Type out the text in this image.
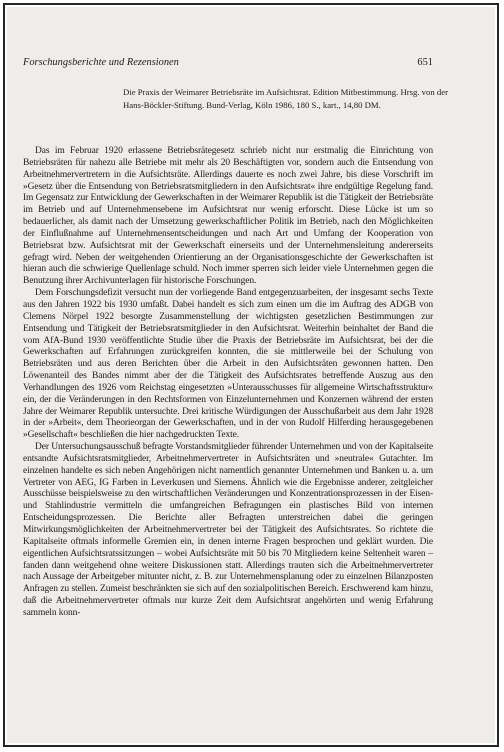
Forschungsberichte und Rezensionen	651
Die Praxis der Weimarer Betriebsräte im Aufsichtsrat. Edition Mitbestimmung. Hrsg. von der Hans-Böckler-Stiftung. Bund-Verlag, Köln 1986, 180 S., kart., 14,80 DM.

Das im Februar 1920 erlassene Betriebsrätegesetz schrieb nicht nur erstmalig die Einrichtung von Betriebsräten für nahezu alle Betriebe mit mehr als 20 Beschäftigten vor, sondern auch die Entsendung von Arbeitnehmervertretern in die Aufsichtsräte. Allerdings dauerte es noch zwei Jahre, bis diese Vorschrift im »Gesetz über die Entsendung von Betriebsratsmitgliedern in den Aufsichtsrat« ihre endgültige Regelung fand. Im Gegensatz zur Entwicklung der Gewerkschaften in der Weimarer Republik ist die Tätigkeit der Betriebsräte im Betrieb und auf Unternehmensebene im Aufsichtsrat nur wenig erforscht. Diese Lücke ist um so bedauerlicher, als damit nach der Umsetzung gewerkschaftlicher Politik im Betrieb, nach den Möglichkeiten der Einflußnahme auf Unternehmensentscheidungen und nach Art und Umfang der Kooperation von Betriebsrat bzw. Aufsichtsrat mit der Gewerkschaft einerseits und der Unternehmensleitung andererseits gefragt wird. Neben der weitgehenden Orientierung an der Organisationsgeschichte der Gewerkschaften ist hieran auch die schwierige Quellenlage schuld. Noch immer sperren sich leider viele Unternehmen gegen die Benutzung ihrer Archivunterlagen für historische Forschungen.

Dem Forschungsdefizit versucht nun der vorliegende Band entgegenzuarbeiten, der insgesamt sechs Texte aus den Jahren 1922 bis 1930 umfaßt. Dabei handelt es sich zum einen um die im Auftrag des ADGB von Clemens Nörpel 1922 besorgte Zusammenstellung der wichtigsten gesetzlichen Bestimmungen zur Entsendung und Tätigkeit der Betriebsratsmitglieder in den Aufsichtsrat. Weiterhin beinhaltet der Band die vom AfA-Bund 1930 veröffentlichte Studie über die Praxis der Betriebsräte im Aufsichtsrat, bei der die Gewerkschaften auf Erfahrungen zurückgreifen konnten, die sie mittlerweile bei der Schulung von Betriebsräten und aus deren Berichten über die Arbeit in den Aufsichtsräten gewonnen hatten. Den Löwenanteil des Bandes nimmt aber der die Tätigkeit des Aufsichtsrates betreffende Auszug aus den Verhandlungen des 1926 vom Reichstag eingesetzten »Unterausschusses für allgemeine Wirtschaftsstruktur« ein, der die Veränderungen in den Rechtsformen von Einzelunternehmen und Konzernen während der ersten Jahre der Weimarer Republik untersuchte. Drei kritische Würdigungen der Ausschußarbeit aus dem Jahr 1928 in der »Arbeit«, dem Theorieorgan der Gewerkschaften, und in der von Rudolf Hilferding herausgegebenen »Gesellschaft« beschließen die hier nachgedruckten Texte.

Der Untersuchungsausschuß befragte Vorstandsmitglieder führender Unternehmen und von der Kapitalseite entsandte Aufsichtsratsmitglieder, Arbeitnehmervertreter in Aufsichtsräten und »neutrale« Gutachter. Im einzelnen handelte es sich neben Angehörigen nicht namentlich genannter Unternehmen und Banken u. a. um Vertreter von AEG, IG Farben in Leverkusen und Siemens. Ähnlich wie die Ergebnisse anderer, zeitgleicher Ausschüsse beispielsweise zu den wirtschaftlichen Veränderungen und Konzentrationsprozessen in der Eisen- und Stahlindustrie vermitteln die umfangreichen Befragungen ein plastisches Bild von internen Entscheidungsprozessen. Die Berichte aller Befragten unterstreichen dabei die geringen Mitwirkungsmöglichkeiten der Arbeitnehmervertreter bei der Tätigkeit des Aufsichtsrates. So richtete die Kapitalseite oftmals informelle Gremien ein, in denen interne Fragen besprochen und geklärt wurden. Die eigentlichen Aufsichtsratssitzungen – wobei Aufsichtsräte mit 50 bis 70 Mitgliedern keine Seltenheit waren – fanden dann weitgehend ohne weitere Diskussionen statt. Allerdings trauten sich die Arbeitnehmervertreter nach Aussage der Arbeitgeber mitunter nicht, z. B. zur Unternehmensplanung oder zu einzelnen Bilanzposten Anfragen zu stellen. Zumeist beschränkten sie sich auf den sozialpolitischen Bereich. Erschwerend kam hinzu, daß die Arbeitnehmervertreter oftmals nur kurze Zeit dem Aufsichtsrat angehörten und wenig Erfahrung sammeln konn-
